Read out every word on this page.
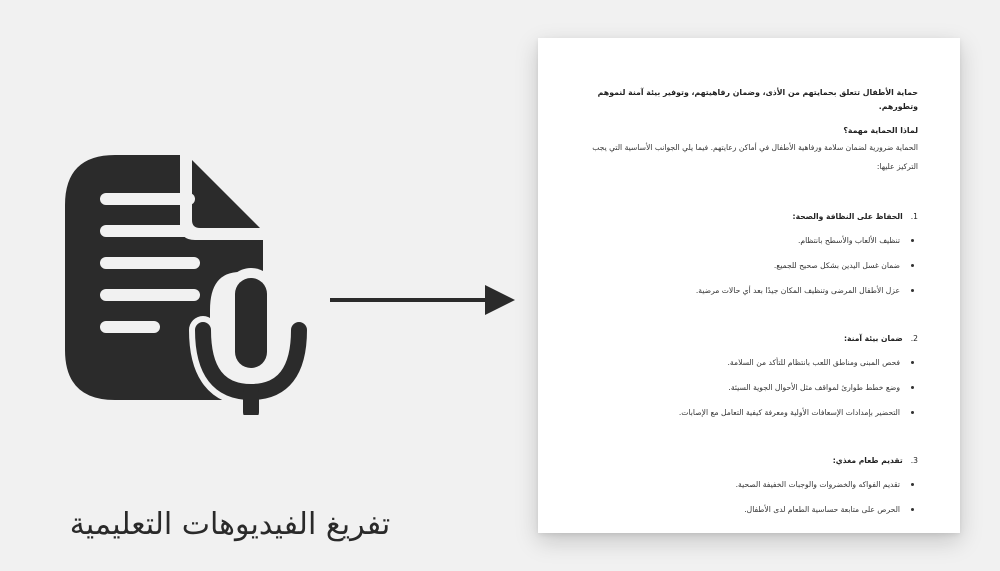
تفريغ الفيديوهات التعليمية

حماية الأطفال تتعلق بحمايتهم من الأذى، وضمان رفاهيتهم، وتوفير بيئة آمنة لنموهم وتطورهم.

لماذا الحماية مهمة؟

الحماية ضرورية لضمان سلامة ورفاهية الأطفال في أماكن رعايتهم. فيما يلي الجوانب الأساسية التي يجب التركيز عليها:

1.الحفاظ على النظافة والصحة:

تنظيف الألعاب والأسطح بانتظام.
ضمان غسل اليدين بشكل صحيح للجميع.
عزل الأطفال المرضى وتنظيف المكان جيدًا بعد أي حالات مرضية.

2.ضمان بيئة آمنة:

فحص المبنى ومناطق اللعب بانتظام للتأكد من السلامة.
وضع خطط طوارئ لمواقف مثل الأحوال الجوية السيئة.
التحضير بإمدادات الإسعافات الأولية ومعرفة كيفية التعامل مع الإصابات.

3.تقديم طعام مغذي:

تقديم الفواكه والخضروات والوجبات الخفيفة الصحية.
الحرص على متابعة حساسية الطعام لدى الأطفال.
